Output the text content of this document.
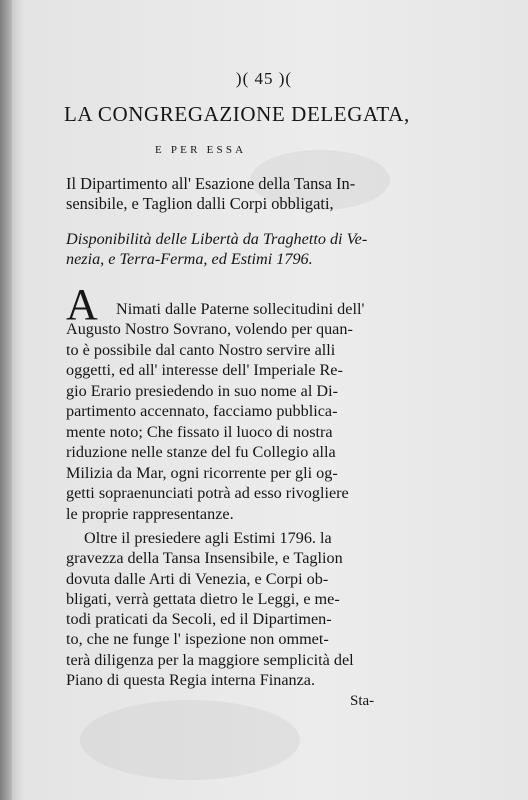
)( 45 )(
LA CONGREGAZIONE DELEGATA,
E PER ESSA
Il Dipartimento all' Esazione della Tansa In-
sensibile, e Taglion dalli Corpi obbligati,
Disponibilità delle Libertà da Traghetto di Ve-
nezia, e Terra-Ferma, ed Estimi 1796.
A Nimati dalle Paterne sollecitudini dell'
Augusto Nostro Sovrano, volendo per quan-
to è possibile dal canto Nostro servire alli
oggetti, ed all' interesse dell' Imperiale Re-
gio Erario presiedendo in suo nome al Di-
partimento accennato, facciamo pubblica-
mente noto; Che fissato il luoco di nostra
riduzione nelle stanze del fu Collegio alla
Milizia da Mar, ogni ricorrente per gli og-
getti sopraenunciati potrà ad esso rivogliere
le proprie rappresentanze.
Oltre il presiedere agli Estimi 1796. la
gravezza della Tansa Insensibile, e Taglion
dovuta dalle Arti di Venezia, e Corpi ob-
bligati, verrà gettata dietro le Leggi, e me-
todi praticati da Secoli, ed il Dipartimen-
to, che ne funge l' ispezione non ommet-
terà diligenza per la maggiore semplicità del
Piano di questa Regia interna Finanza.
Sta-
